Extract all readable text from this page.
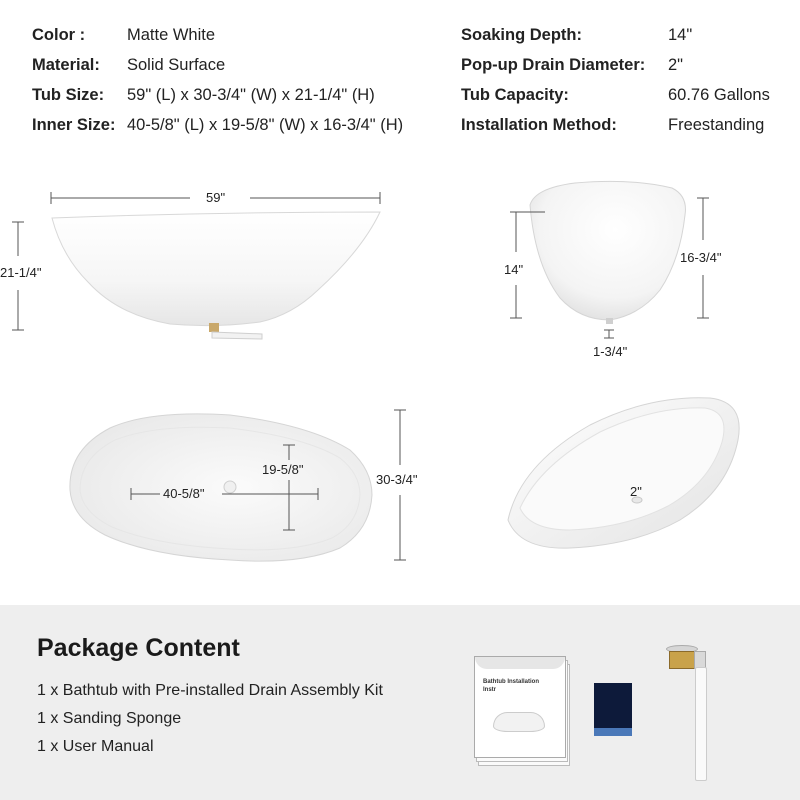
Color :	Matte White
Material: Solid Surface
Tub Size: 59" (L) x 30-3/4" (W) x 21-1/4" (H)
Inner Size: 40-5/8" (L) x 19-5/8" (W) x 16-3/4" (H)
Soaking Depth:	14"
Pop-up Drain Diameter: 2"
Tub Capacity:	60.76 Gallons
Installation Method:	Freestanding
59"
21-1/4"	14"
16-3/4"
1-3/4"
40-5/8"
19-5/8"
30-3/4"
2"
Package Content
1 x Bathtub with Pre-installed Drain Assembly Kit
1 x Sanding Sponge
1 x User Manual
Bathtub Installation
Instr
